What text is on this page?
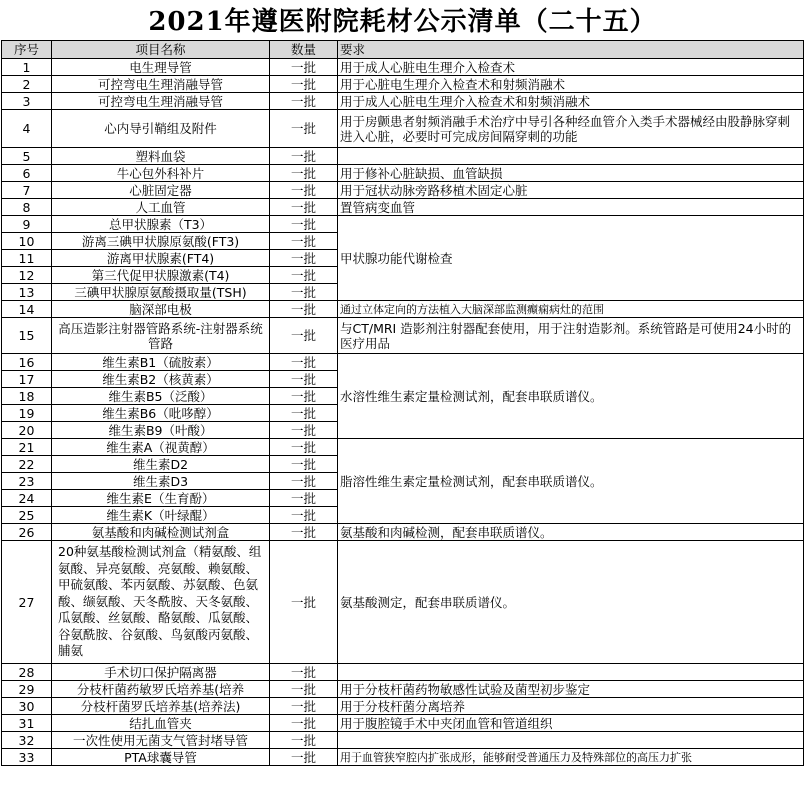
2021年遵医附院耗材公示清单（二十五）
序号	项目名称	数量	要求
1	电生理导管	一批	用于成人心脏电生理介入检查术
2	可控弯电生理消融导管	一批	用于心脏电生理介入检查术和射频消融术
3	可控弯电生理消融导管	一批	用于成人心脏电生理介入检查术和射频消融术
4	心内导引鞘组及附件	一批	用于房颤患者射频消融手术治疗中导引各种经血管介入类手术器械经由股静脉穿刺进入心脏，必要时可完成房间隔穿刺的功能
5	塑料血袋	一批	
6	牛心包外科补片	一批	用于修补心脏缺损、血管缺损
7	心脏固定器	一批	用于冠状动脉旁路移植术固定心脏
8	人工血管	一批	置管病变血管
9	总甲状腺素（T3）	一批	甲状腺功能代谢检查
10	游离三碘甲状腺原氨酸(FT3)	一批	
11	游离甲状腺素(FT4)	一批	
12	第三代促甲状腺激素(T4)	一批	
13	三碘甲状腺原氨酸摄取量(TSH)	一批	
14	脑深部电极	一批	通过立体定向的方法植入大脑深部监测癫痫病灶的范围
15	高压造影注射器管路系统-注射器系统管路	一批	与CT/MRI 造影剂注射器配套使用，用于注射造影剂。系统管路是可使用24小时的医疗用品
16	维生素B1（硫胺素）	一批	水溶性维生素定量检测试剂，配套串联质谱仪。
17	维生素B2（核黄素）	一批	
18	维生素B5（泛酸）	一批	
19	维生素B6（吡哆醇）	一批	
20	维生素B9（叶酸）	一批	
21	维生素A（视黄醇）	一批	脂溶性维生素定量检测试剂，配套串联质谱仪。
22	维生素D2	一批	
23	维生素D3	一批	
24	维生素E（生育酚）	一批	
25	维生素K（叶绿醌）	一批	
26	氨基酸和肉碱检测试剂盒	一批	氨基酸和肉碱检测，配套串联质谱仪。
27	20种氨基酸检测试剂盒（精氨酸、组氨酸、异亮氨酸、亮氨酸、赖氨酸、甲硫氨酸、苯丙氨酸、苏氨酸、色氨酸、缬氨酸、天冬酰胺、天冬氨酸、瓜氨酸、丝氨酸、酪氨酸、瓜氨酸、谷氨酰胺、谷氨酸、鸟氨酸丙氨酸、脯氨	一批	氨基酸测定，配套串联质谱仪。
28	手术切口保护隔离器	一批	
29	分枝杆菌药敏罗氏培养基(培养	一批	用于分枝杆菌药物敏感性试验及菌型初步鉴定
30	分枝杆菌罗氏培养基(培养法)	一批	用于分枝杆菌分离培养
31	结扎血管夹	一批	用于腹腔镜手术中夹闭血管和管道组织
32	一次性使用无菌支气管封堵导管	一批	
33	PTA球囊导管	一批	用于血管狭窄腔内扩张成形，能够耐受普通压力及特殊部位的高压力扩张
